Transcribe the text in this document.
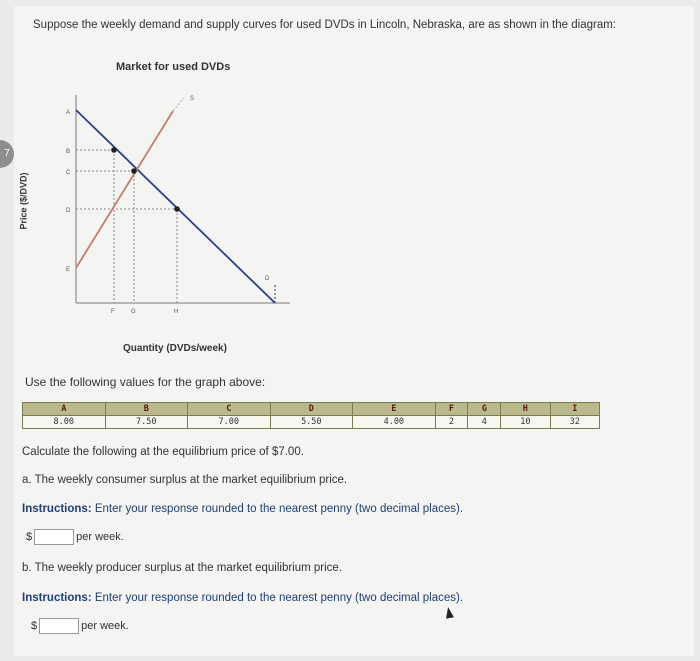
7
Suppose the weekly demand and supply curves for used DVDs in Lincoln, Nebraska, are as shown in the diagram:
Market for used DVDs
Price ($/DVD)
Quantity (DVDs/week)
A
B
C
D
E
F	G	H
D
S
Use the following values for the graph above:
A	B	C	D	E	F	G	H	I
8.00	7.50	7.00	5.50	4.00	2	4	10	32
Calculate the following at the equilibrium price of $7.00.
a. The weekly consumer surplus at the market equilibrium price.
Instructions: Enter your response rounded to the nearest penny (two decimal places).
$	per week.
b. The weekly producer surplus at the market equilibrium price.
Instructions: Enter your response rounded to the nearest penny (two decimal places).
$	per week.
